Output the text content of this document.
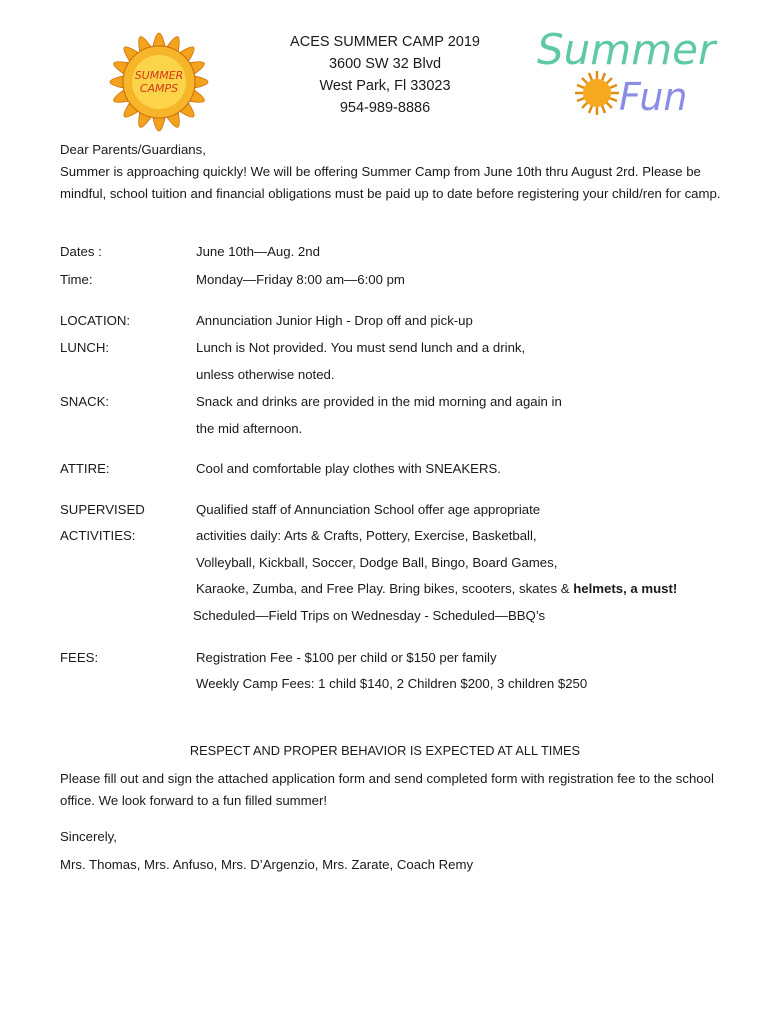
SUMMER
CAMPS
ACES SUMMER CAMP 2019
3600 SW 32 Blvd
West Park, Fl 33023
954-989-8886
Summer
Fun
Dear Parents/Guardians,
Summer is approaching quickly! We will be offering Summer Camp from June 10th thru August 2rd. Please be mindful, school tuition and financial obligations must be paid up to date before registering your child/ren for camp.
Dates :	June 10th—Aug. 2nd
Time:	Monday—Friday 8:00 am—6:00 pm
LOCATION:	Annunciation Junior High - Drop off and pick-up
LUNCH:	Lunch is Not provided. You must send lunch and a drink,
unless otherwise noted.
SNACK:	Snack and drinks are provided in the mid morning and again in
the mid afternoon.
ATTIRE:	Cool and comfortable play clothes with SNEAKERS.
SUPERVISED	Qualified staff of Annunciation School offer age appropriate
ACTIVITIES:	activities daily: Arts & Crafts, Pottery, Exercise, Basketball,
Volleyball, Kickball, Soccer, Dodge Ball, Bingo, Board Games,
Karaoke, Zumba, and Free Play. Bring bikes, scooters, skates & helmets, a must!
Scheduled—Field Trips on Wednesday - Scheduled—BBQ’s
FEES:	Registration Fee - $100 per child or $150 per family
Weekly Camp Fees: 1 child $140, 2 Children $200, 3 children $250
RESPECT AND PROPER BEHAVIOR IS EXPECTED AT ALL TIMES
Please fill out and sign the attached application form and send completed form with registration fee to the school office. We look forward to a fun filled summer!
Sincerely,
Mrs. Thomas, Mrs. Anfuso, Mrs. D’Argenzio, Mrs. Zarate, Coach Remy
